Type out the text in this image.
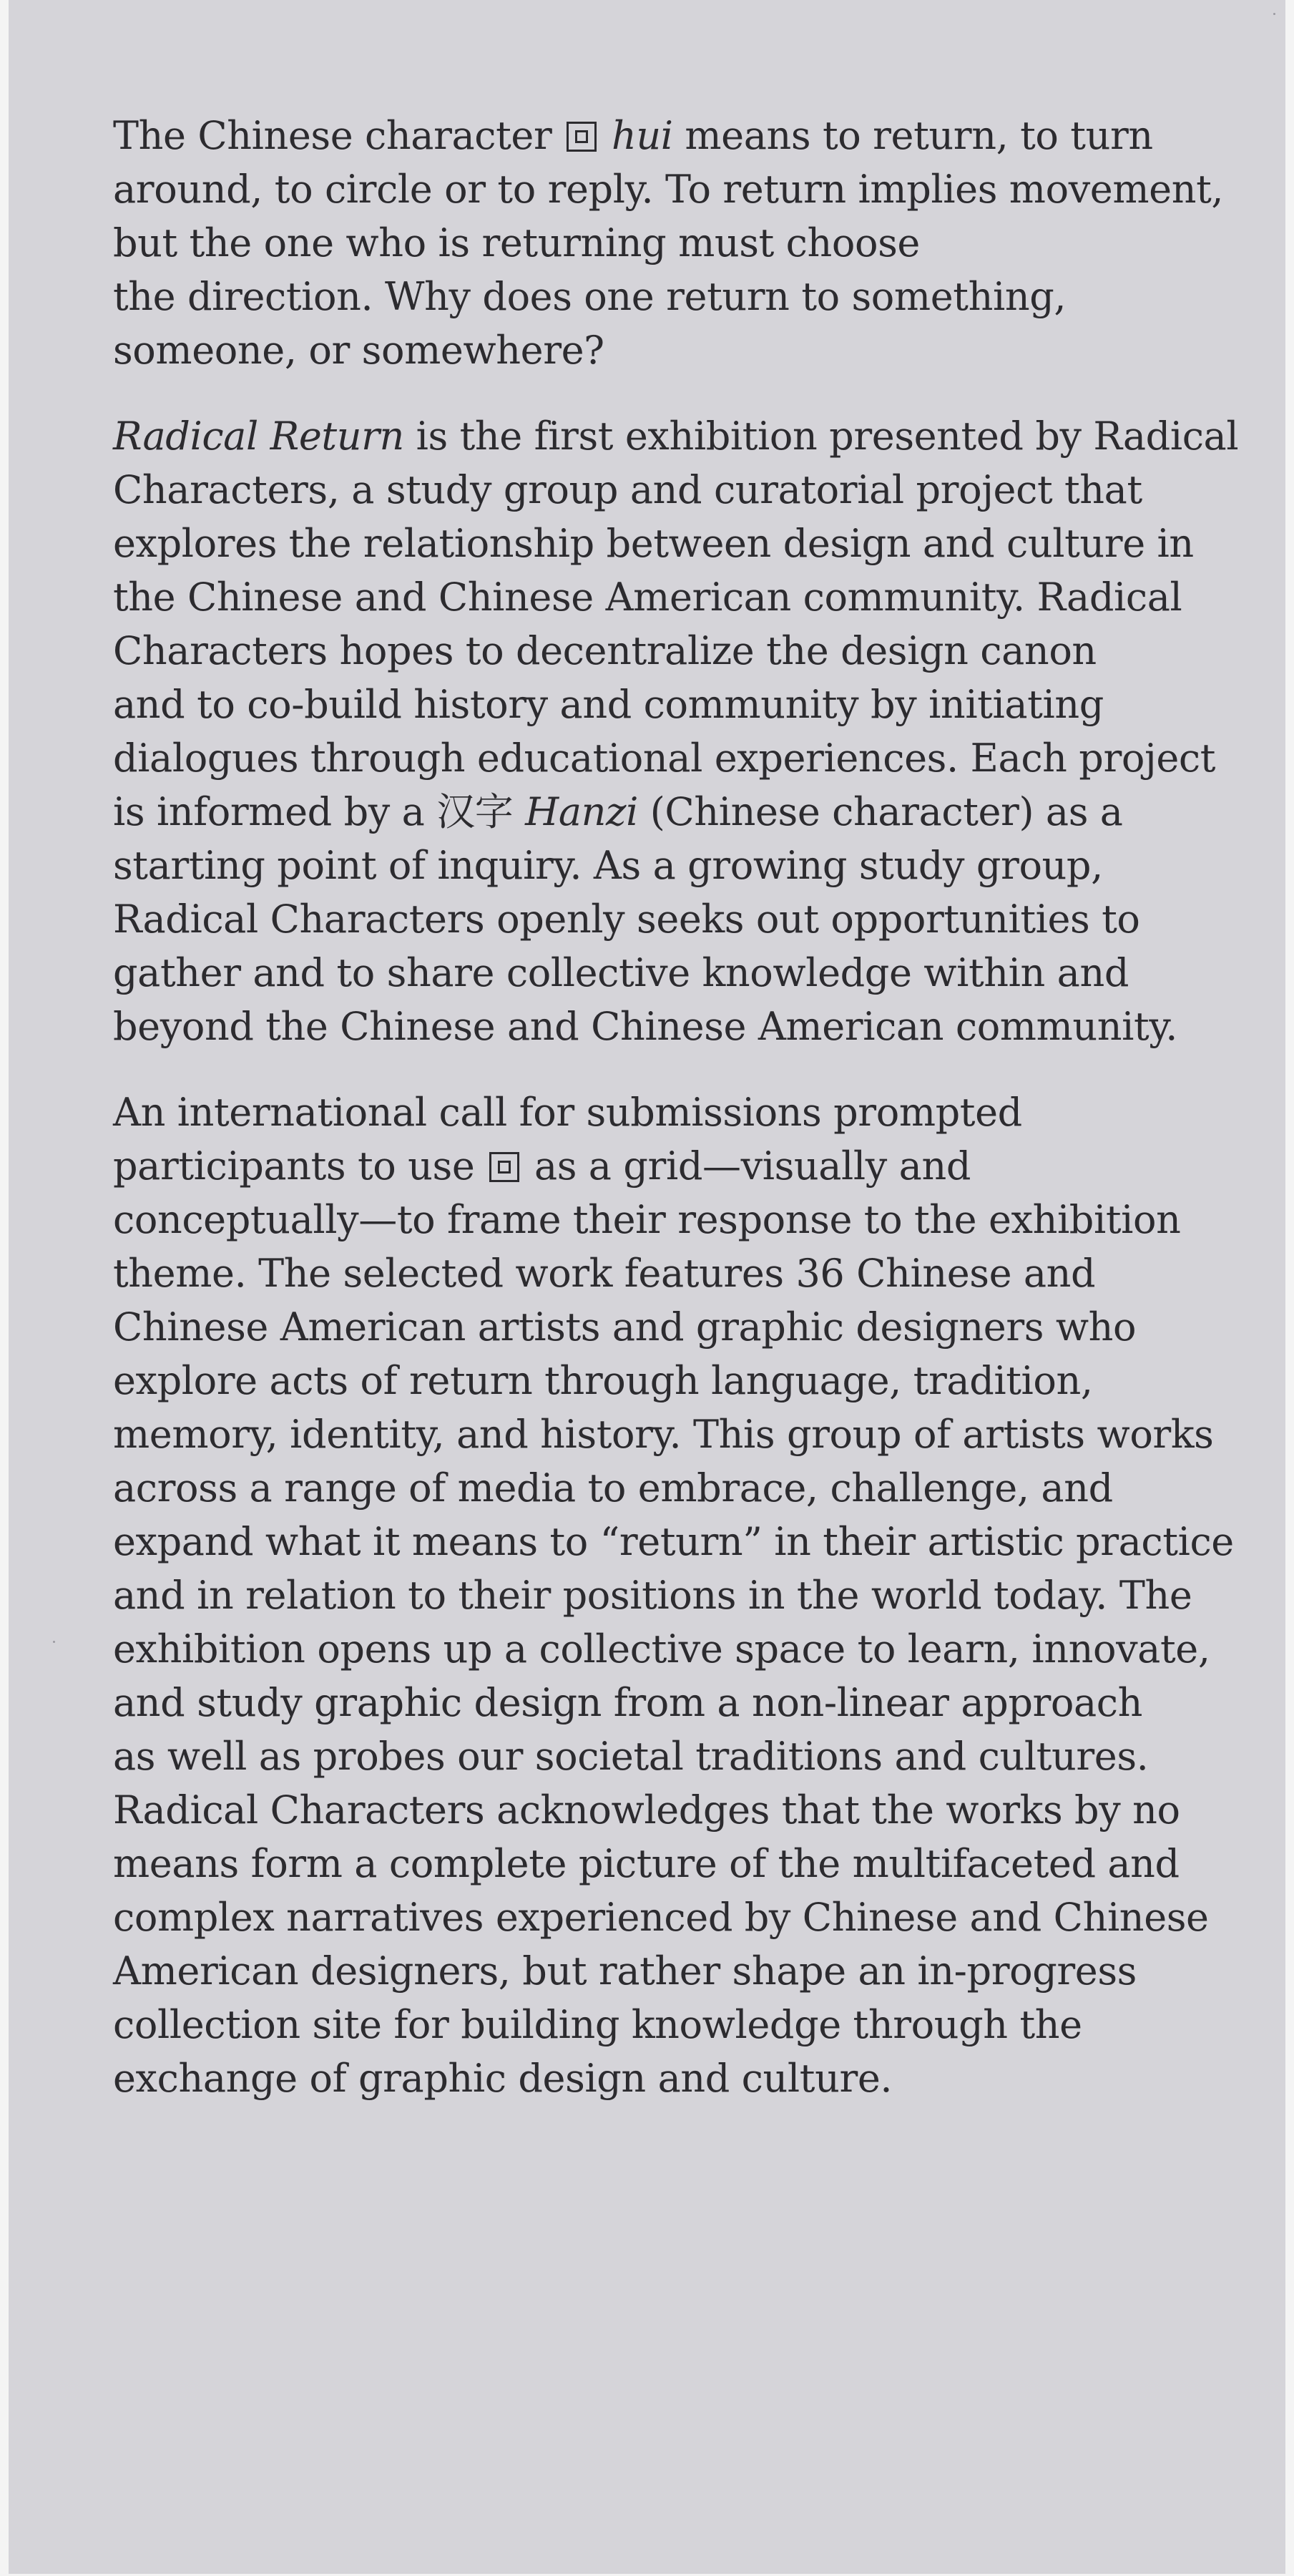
The Chinese character hui means to return, to turn
around, to circle or to reply. To return implies movement,
but the one who is returning must choose
the direction. Why does one return to something,
someone, or somewhere?

Radical Return is the first exhibition presented by Radical
Characters, a study group and curatorial project that
explores the relationship between design and culture in
the Chinese and Chinese American community. Radical
Characters hopes to decentralize the design canon
and to co-build history and community by initiating
dialogues through educational experiences. Each project
is informed by a 汉字 Hanzi (Chinese character) as a
starting point of inquiry. As a growing study group,
Radical Characters openly seeks out opportunities to
gather and to share collective knowledge within and
beyond the Chinese and Chinese American community.

An international call for submissions prompted
participants to use as a grid—visually and
conceptually—to frame their response to the exhibition
theme. The selected work features 36 Chinese and
Chinese American artists and graphic designers who
explore acts of return through language, tradition,
memory, identity, and history. This group of artists works
across a range of media to embrace, challenge, and
expand what it means to “return” in their artistic practice
and in relation to their positions in the world today. The
exhibition opens up a collective space to learn, innovate,
and study graphic design from a non-linear approach
as well as probes our societal traditions and cultures.
Radical Characters acknowledges that the works by no
means form a complete picture of the multifaceted and
complex narratives experienced by Chinese and Chinese
American designers, but rather shape an in-progress
collection site for building knowledge through the
exchange of graphic design and culture.
